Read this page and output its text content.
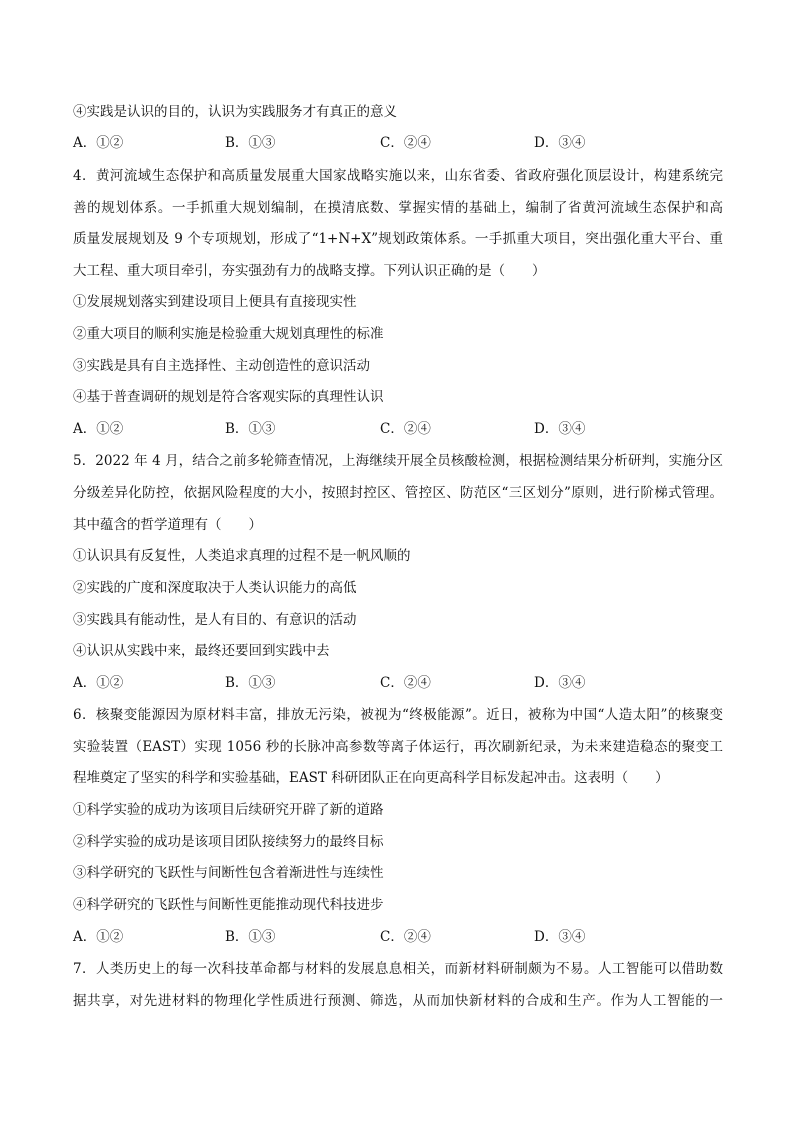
④实践是认识的目的，认识为实践服务才有真正的意义
A．①②	B．①③	C．②④	D．③④
4．黄河流域生态保护和高质量发展重大国家战略实施以来，山东省委、省政府强化顶层设计，构建系统完
善的规划体系。一手抓重大规划编制，在摸清底数、掌握实情的基础上，编制了省黄河流域生态保护和高
质量发展规划及 9 个专项规划，形成了“1+N+X”规划政策体系。一手抓重大项目，突出强化重大平台、重
大工程、重大项目牵引，夯实强劲有力的战略支撑。下列认识正确的是（　　）
①发展规划落实到建设项目上便具有直接现实性
②重大项目的顺利实施是检验重大规划真理性的标准
③实践是具有自主选择性、主动创造性的意识活动
④基于普查调研的规划是符合客观实际的真理性认识
A．①②	B．①③	C．②④	D．③④
5．2022 年 4 月，结合之前多轮筛查情况，上海继续开展全员核酸检测，根据检测结果分析研判，实施分区
分级差异化防控，依据风险程度的大小，按照封控区、管控区、防范区“三区划分”原则，进行阶梯式管理。
其中蕴含的哲学道理有（　　）
①认识具有反复性，人类追求真理的过程不是一帆风顺的
②实践的广度和深度取决于人类认识能力的高低
③实践具有能动性，是人有目的、有意识的活动
④认识从实践中来，最终还要回到实践中去
A．①②	B．①③	C．②④	D．③④
6．核聚变能源因为原材料丰富，排放无污染，被视为“终极能源”。近日，被称为中国“人造太阳”的核聚变
实验装置（EAST）实现 1056 秒的长脉冲高参数等离子体运行，再次刷新纪录，为未来建造稳态的聚变工
程堆奠定了坚实的科学和实验基础，EAST 科研团队正在向更高科学目标发起冲击。这表明（　　）
①科学实验的成功为该项目后续研究开辟了新的道路
②科学实验的成功是该项目团队接续努力的最终目标
③科学研究的飞跃性与间断性包含着渐进性与连续性
④科学研究的飞跃性与间断性更能推动现代科技进步
A．①②	B．①③	C．②④	D．③④
7．人类历史上的每一次科技革命都与材料的发展息息相关，而新材料研制颇为不易。人工智能可以借助数
据共享，对先进材料的物理化学性质进行预测、筛选，从而加快新材料的合成和生产。作为人工智能的一
